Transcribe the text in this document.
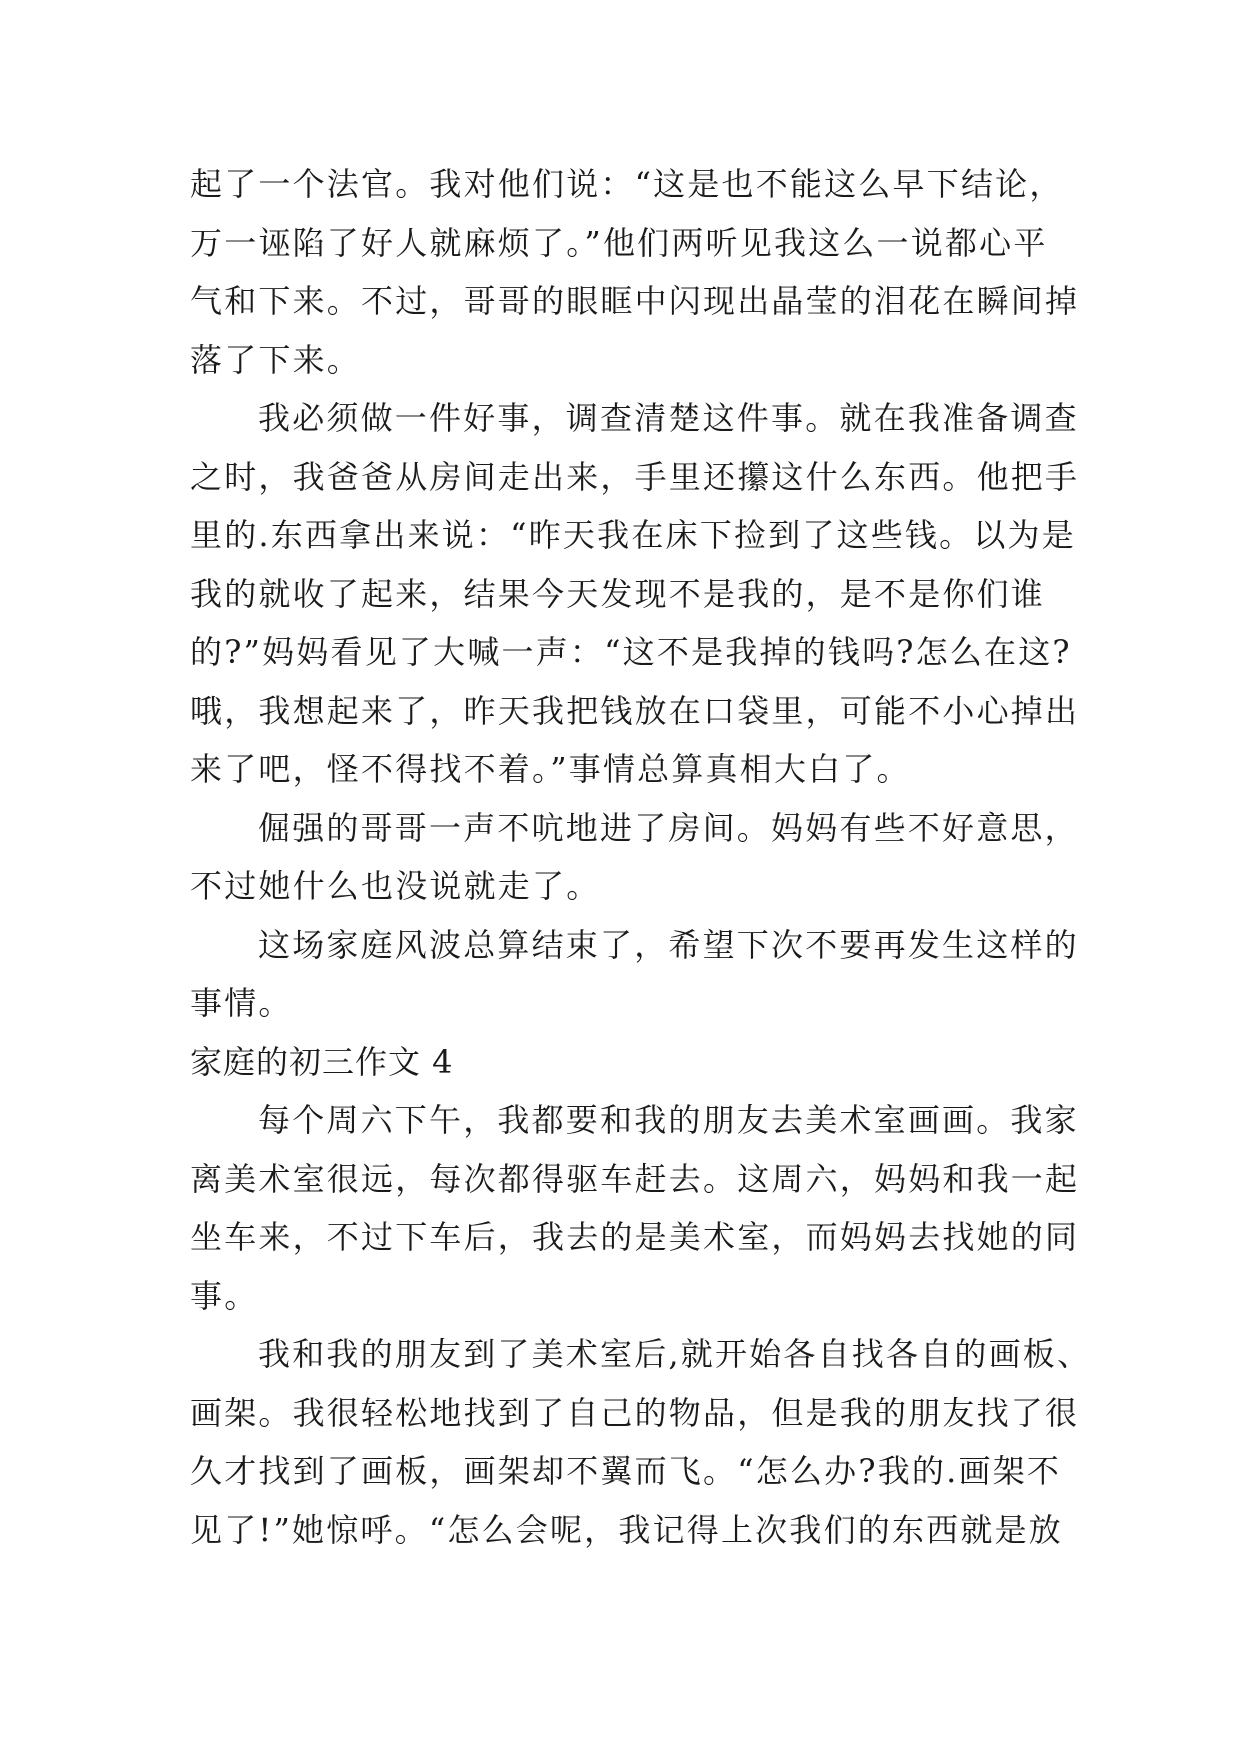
起了一个法官。我对他们说：“这是也不能这么早下结论，
万一诬陷了好人就麻烦了。”他们两听见我这么一说都心平
气和下来。不过，哥哥的眼眶中闪现出晶莹的泪花在瞬间掉
落了下来。
我必须做一件好事，调查清楚这件事。就在我准备调查
之时，我爸爸从房间走出来，手里还攥这什么东西。他把手
里的.东西拿出来说：“昨天我在床下捡到了这些钱。以为是
我的就收了起来，结果今天发现不是我的，是不是你们谁
的?”妈妈看见了大喊一声：“这不是我掉的钱吗?怎么在这?
哦，我想起来了，昨天我把钱放在口袋里，可能不小心掉出
来了吧，怪不得找不着。”事情总算真相大白了。
倔强的哥哥一声不吭地进了房间。妈妈有些不好意思，
不过她什么也没说就走了。
这场家庭风波总算结束了，希望下次不要再发生这样的
事情。
家庭的初三作文 4
每个周六下午，我都要和我的朋友去美术室画画。我家
离美术室很远，每次都得驱车赶去。这周六，妈妈和我一起
坐车来，不过下车后，我去的是美术室，而妈妈去找她的同
事。
我和我的朋友到了美术室后,就开始各自找各自的画板、
画架。我很轻松地找到了自己的物品，但是我的朋友找了很
久才找到了画板，画架却不翼而飞。“怎么办?我的.画架不
见了!”她惊呼。“怎么会呢，我记得上次我们的东西就是放
